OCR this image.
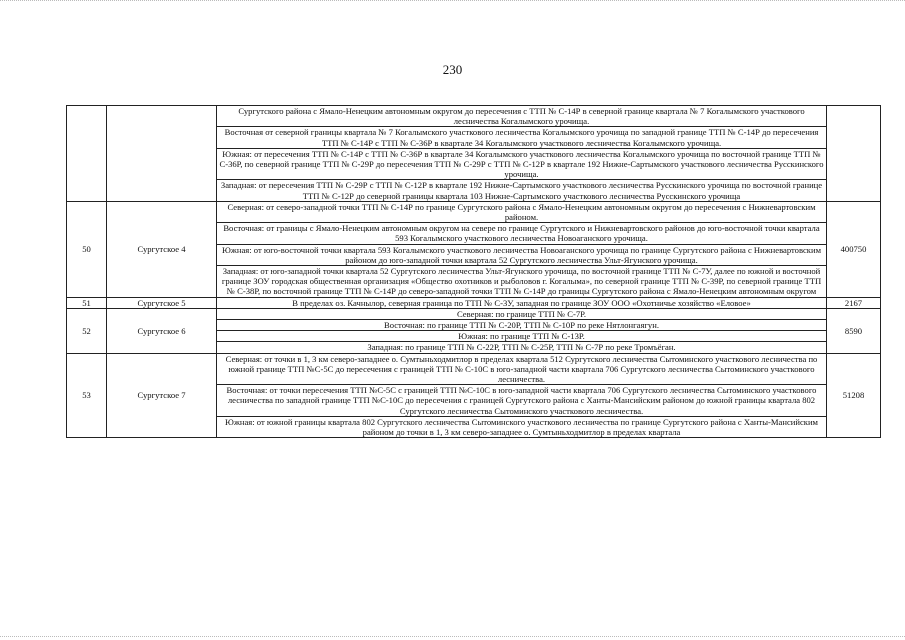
230
		Сургутского района с Ямало-Ненецким автономным округом до пересечения с ТТП № С-14Р в северной границе квартала № 7 Когалымского участкового лесничества Когалымского урочища.	
		Восточная от северной границы квартала № 7 Когалымского участкового лесничества Когалымского урочища по западной границе ТТП № С-14Р до пересечения ТТП № С-14Р с ТТП № С-36Р в квартале 34 Когалымского участкового лесничества Когалымского урочища.	
		Южная: от пересечения ТТП № С-14Р с ТТП № С-36Р в квартале 34 Когалымского участкового лесничества Когалымского урочища по восточной границе ТТП № С-36Р, по северной границе ТТП № С-29Р до пересечения ТТП № С-29Р с ТТП № С-12Р в квартале 192 Нижне-Сартымского участкового лесничества Русскинского урочища.	
		Западная: от пересечения ТТП № С-29Р с ТТП № С-12Р в квартале 192 Нижне-Сартымского участкового лесничества Русскинского урочища по восточной границе ТТП № С-12Р до северной границы квартала 103 Нижне-Сартымского участкового лесничества Русскинского урочища	
50	Сургутское 4	Северная: от северо-западной точки ТТП № С-14Р по границе Сургутского района с Ямало-Ненецким автономным округом до пересечения с Нижневартовским районом.	400750
		Восточная: от границы с Ямало-Ненецким автономным округом на севере по границе Сургутского и Нижневартовского районов до юго-восточной точки квартала 593 Когалымского участкового лесничества Новоаганского урочища.	
		Южная: от юго-восточной точки квартала 593 Когалымского участкового лесничества Новоаганского урочища по границе Сургутского района с Нижневартовским районом до юго-западной точки квартала 52 Сургутского лесничества Ульт-Ягунского урочища.	
		Западная: от юго-западной точки квартала 52 Сургутского лесничества Ульт-Ягунского урочища, по восточной границе ТТП № С-7У, далее по южной и восточной границе ЗОУ городская общественная организация «Общество охотников и рыболовов г. Когалыма», по северной границе ТТП № С-39Р, по северной границе ТТП № С-38Р, по восточной границе ТТП № С-14Р до северо-западной точки ТТП № С-14Р до границы Сургутского района с Ямало-Ненецким автономным округом	
51	Сургутское 5	В пределах оз. Качнылор, северная граница по ТТП № С-3У, западная по границе ЗОУ ООО «Охотничье хозяйство «Еловое»	2167
52	Сургутское 6	Северная: по границе ТТП № С-7Р.	8590
		Восточная: по границе ТТП № С-20Р, ТТП № С-10Р по реке Нятлонгаягун.	
		Южная: по границе ТТП № С-13Р.	
		Западная: по границе ТТП № С-22Р, ТТП № С-25Р, ТТП № С-7Р по реке Тромъёган.	
53	Сургутское 7	Северная: от точки в 1, 3 км северо-западнее о. Сумтыньходмитлор в пределах квартала 512 Сургутского лесничества Сытоминского участкового лесничества по южной границе ТТП №С-5С до пересечения с границей ТТП № С-10С в юго-западной части квартала 706 Сургутского лесничества Сытоминского участкового лесничества.	51208
		Восточная: от точки пересечения ТТП №С-5С с границей ТТП №С-10С в юго-западной части квартала 706 Сургутского лесничества Сытоминского участкового лесничества по западной границе ТТП №С-10С до пересечения с границей Сургутского района с Ханты-Мансийским районом до южной границы квартала 802 Сургутского лесничества Сытоминского участкового лесничества.	
		Южная: от южной границы квартала 802 Сургутского лесничества Сытоминского участкового лесничества по границе Сургутского района с Ханты-Мансийским районом до точки в 1, 3 км северо-западнее о. Сумтыньходмитлор в пределах квартала	
